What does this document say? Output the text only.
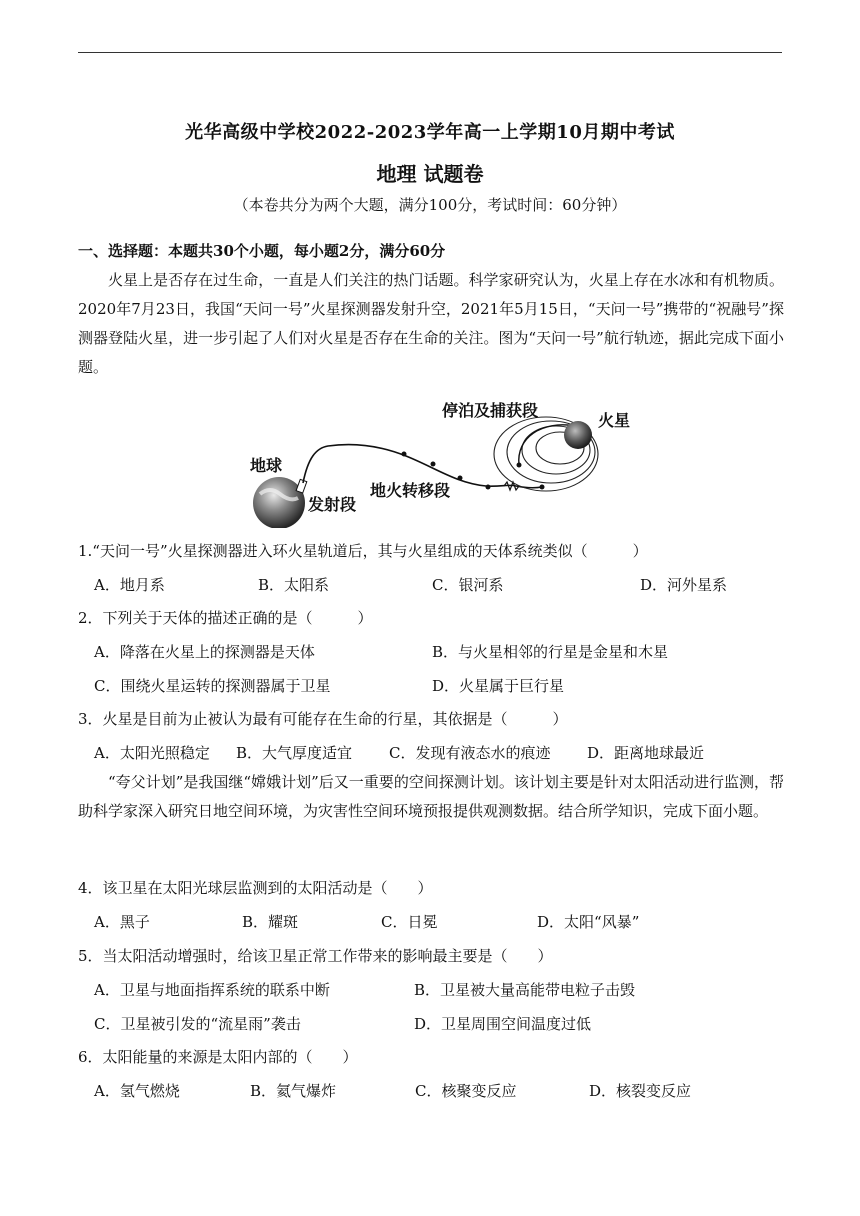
光华高级中学校2022-2023学年高一上学期10月期中考试
地理 试题卷
（本卷共分为两个大题，满分100分，考试时间：60分钟）
一、选择题：本题共30个小题，每小题2分，满分60分
火星上是否存在过生命，一直是人们关注的热门话题。科学家研究认为，火星上存在水冰和有机物质。2020年7月23日，我国“天问一号”火星探测器发射升空，2021年5月15日，“天问一号”携带的“祝融号”探测器登陆火星，进一步引起了人们对火星是否存在生命的关注。图为“天问一号”航行轨迹，据此完成下面小题。
地球
发射段
地火转移段
停泊及捕获段
火星
1.“天问一号”火星探测器进入环火星轨道后，其与火星组成的天体系统类似（　　　）
A．地月系	B．太阳系	C．银河系	D．河外星系
2．下列关于天体的描述正确的是（　　　）
A．降落在火星上的探测器是天体	B．与火星相邻的行星是金星和木星
C．围绕火星运转的探测器属于卫星	D．火星属于巨行星
3．火星是目前为止被认为最有可能存在生命的行星，其依据是（　　　）
A．太阳光照稳定 B．大气厚度适宜 C．发现有液态水的痕迹 D．距离地球最近
“夸父计划”是我国继“嫦娥计划”后又一重要的空间探测计划。该计划主要是针对太阳活动进行监测，帮助科学家深入研究日地空间环境，为灾害性空间环境预报提供观测数据。结合所学知识，完成下面小题。
4．该卫星在太阳光球层监测到的太阳活动是（　　）
A．黑子	B．耀斑	C．日冕	D．太阳“风暴”
5．当太阳活动增强时，给该卫星正常工作带来的影响最主要是（　　）
A．卫星与地面指挥系统的联系中断	B．卫星被大量高能带电粒子击毁
C．卫星被引发的“流星雨”袭击	D．卫星周围空间温度过低
6．太阳能量的来源是太阳内部的（　　）
A．氢气燃烧	B．氦气爆炸	C．核聚变反应	D．核裂变反应
